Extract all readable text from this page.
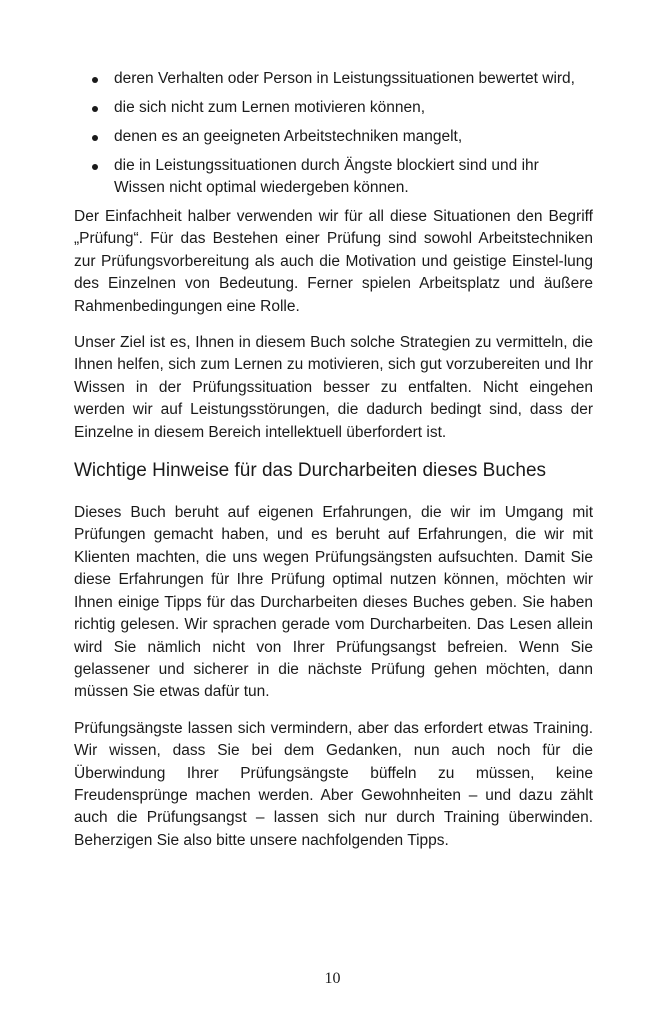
deren Verhalten oder Person in Leistungssituationen bewertet wird,
die sich nicht zum Lernen motivieren können,
denen es an geeigneten Arbeitstechniken mangelt,
die in Leistungssituationen durch Ängste blockiert sind und ihr Wissen nicht optimal wiedergeben können.

Der Einfachheit halber verwenden wir für all diese Situationen den Begriff „Prüfung“. Für das Bestehen einer Prüfung sind sowohl Arbeitstechniken zur Prüfungsvorbereitung als auch die Motivation und geistige Einstel-lung des Einzelnen von Bedeutung. Ferner spielen Arbeitsplatz und äußere Rahmenbedingungen eine Rolle.

Unser Ziel ist es, Ihnen in diesem Buch solche Strategien zu vermitteln, die Ihnen helfen, sich zum Lernen zu motivieren, sich gut vorzubereiten und Ihr Wissen in der Prüfungssituation besser zu entfalten. Nicht eingehen werden wir auf Leistungsstörungen, die dadurch bedingt sind, dass der Einzelne in diesem Bereich intellektuell überfordert ist.

Wichtige Hinweise für das Durcharbeiten dieses Buches

Dieses Buch beruht auf eigenen Erfahrungen, die wir im Umgang mit Prüfungen gemacht haben, und es beruht auf Erfahrungen, die wir mit Klienten machten, die uns wegen Prüfungsängsten aufsuchten. Damit Sie diese Erfahrungen für Ihre Prüfung optimal nutzen können, möchten wir Ihnen einige Tipps für das Durcharbeiten dieses Buches geben. Sie haben richtig gelesen. Wir sprachen gerade vom Durcharbeiten. Das Lesen allein wird Sie nämlich nicht von Ihrer Prüfungsangst befreien. Wenn Sie gelassener und sicherer in die nächste Prüfung gehen möchten, dann müssen Sie etwas dafür tun.

Prüfungsängste lassen sich vermindern, aber das erfordert etwas Training. Wir wissen, dass Sie bei dem Gedanken, nun auch noch für die Überwindung Ihrer Prüfungsängste büffeln zu müssen, keine Freudensprünge machen werden. Aber Gewohnheiten – und dazu zählt auch die Prüfungsangst – lassen sich nur durch Training überwinden. Beherzigen Sie also bitte unsere nachfolgenden Tipps.

10
